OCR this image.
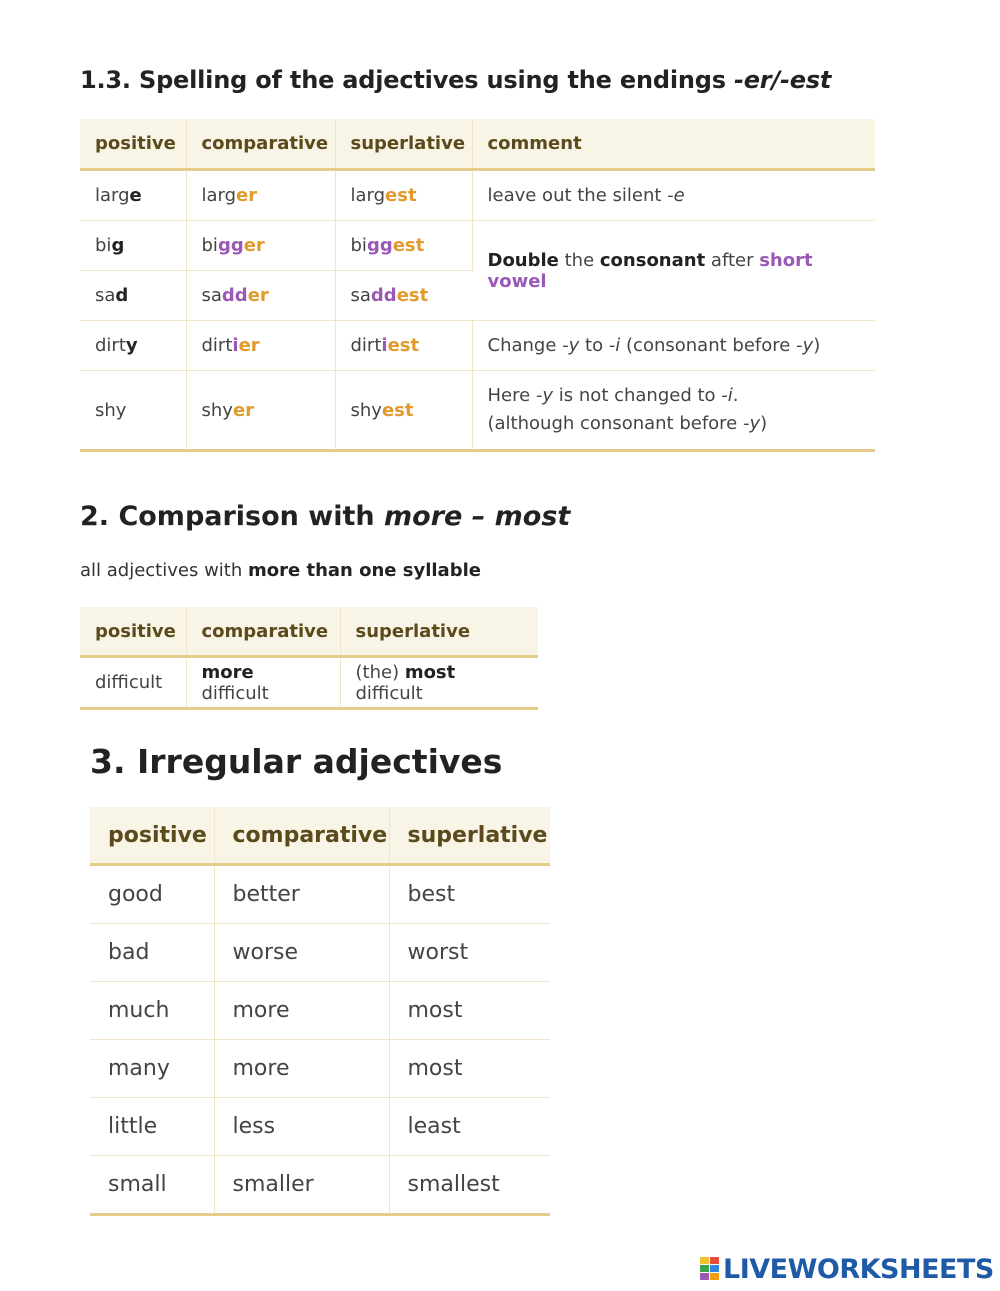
1.3. Spelling of the adjectives using the endings -er/-est
positive	comparative	superlative	comment
large	larger	largest	leave out the silent -e
big	bigger	biggest	Double the consonant after short vowel
sad	sadder	saddest	
dirty	dirtier	dirtiest	Change -y to -i (consonant before -y)
shy	shyer	shyest	Here -y is not changed to -i.
(although consonant before -y)
2. Comparison with more – most
all adjectives with more than one syllable
positive	comparative	superlative
difficult	more difficult	(the) most difficult
3. Irregular adjectives
positive	comparative	superlative
good	better	best
bad	worse	worst
much	more	most
many	more	most
little	less	least
small	smaller	smallest
LIVEWORKSHEETS
